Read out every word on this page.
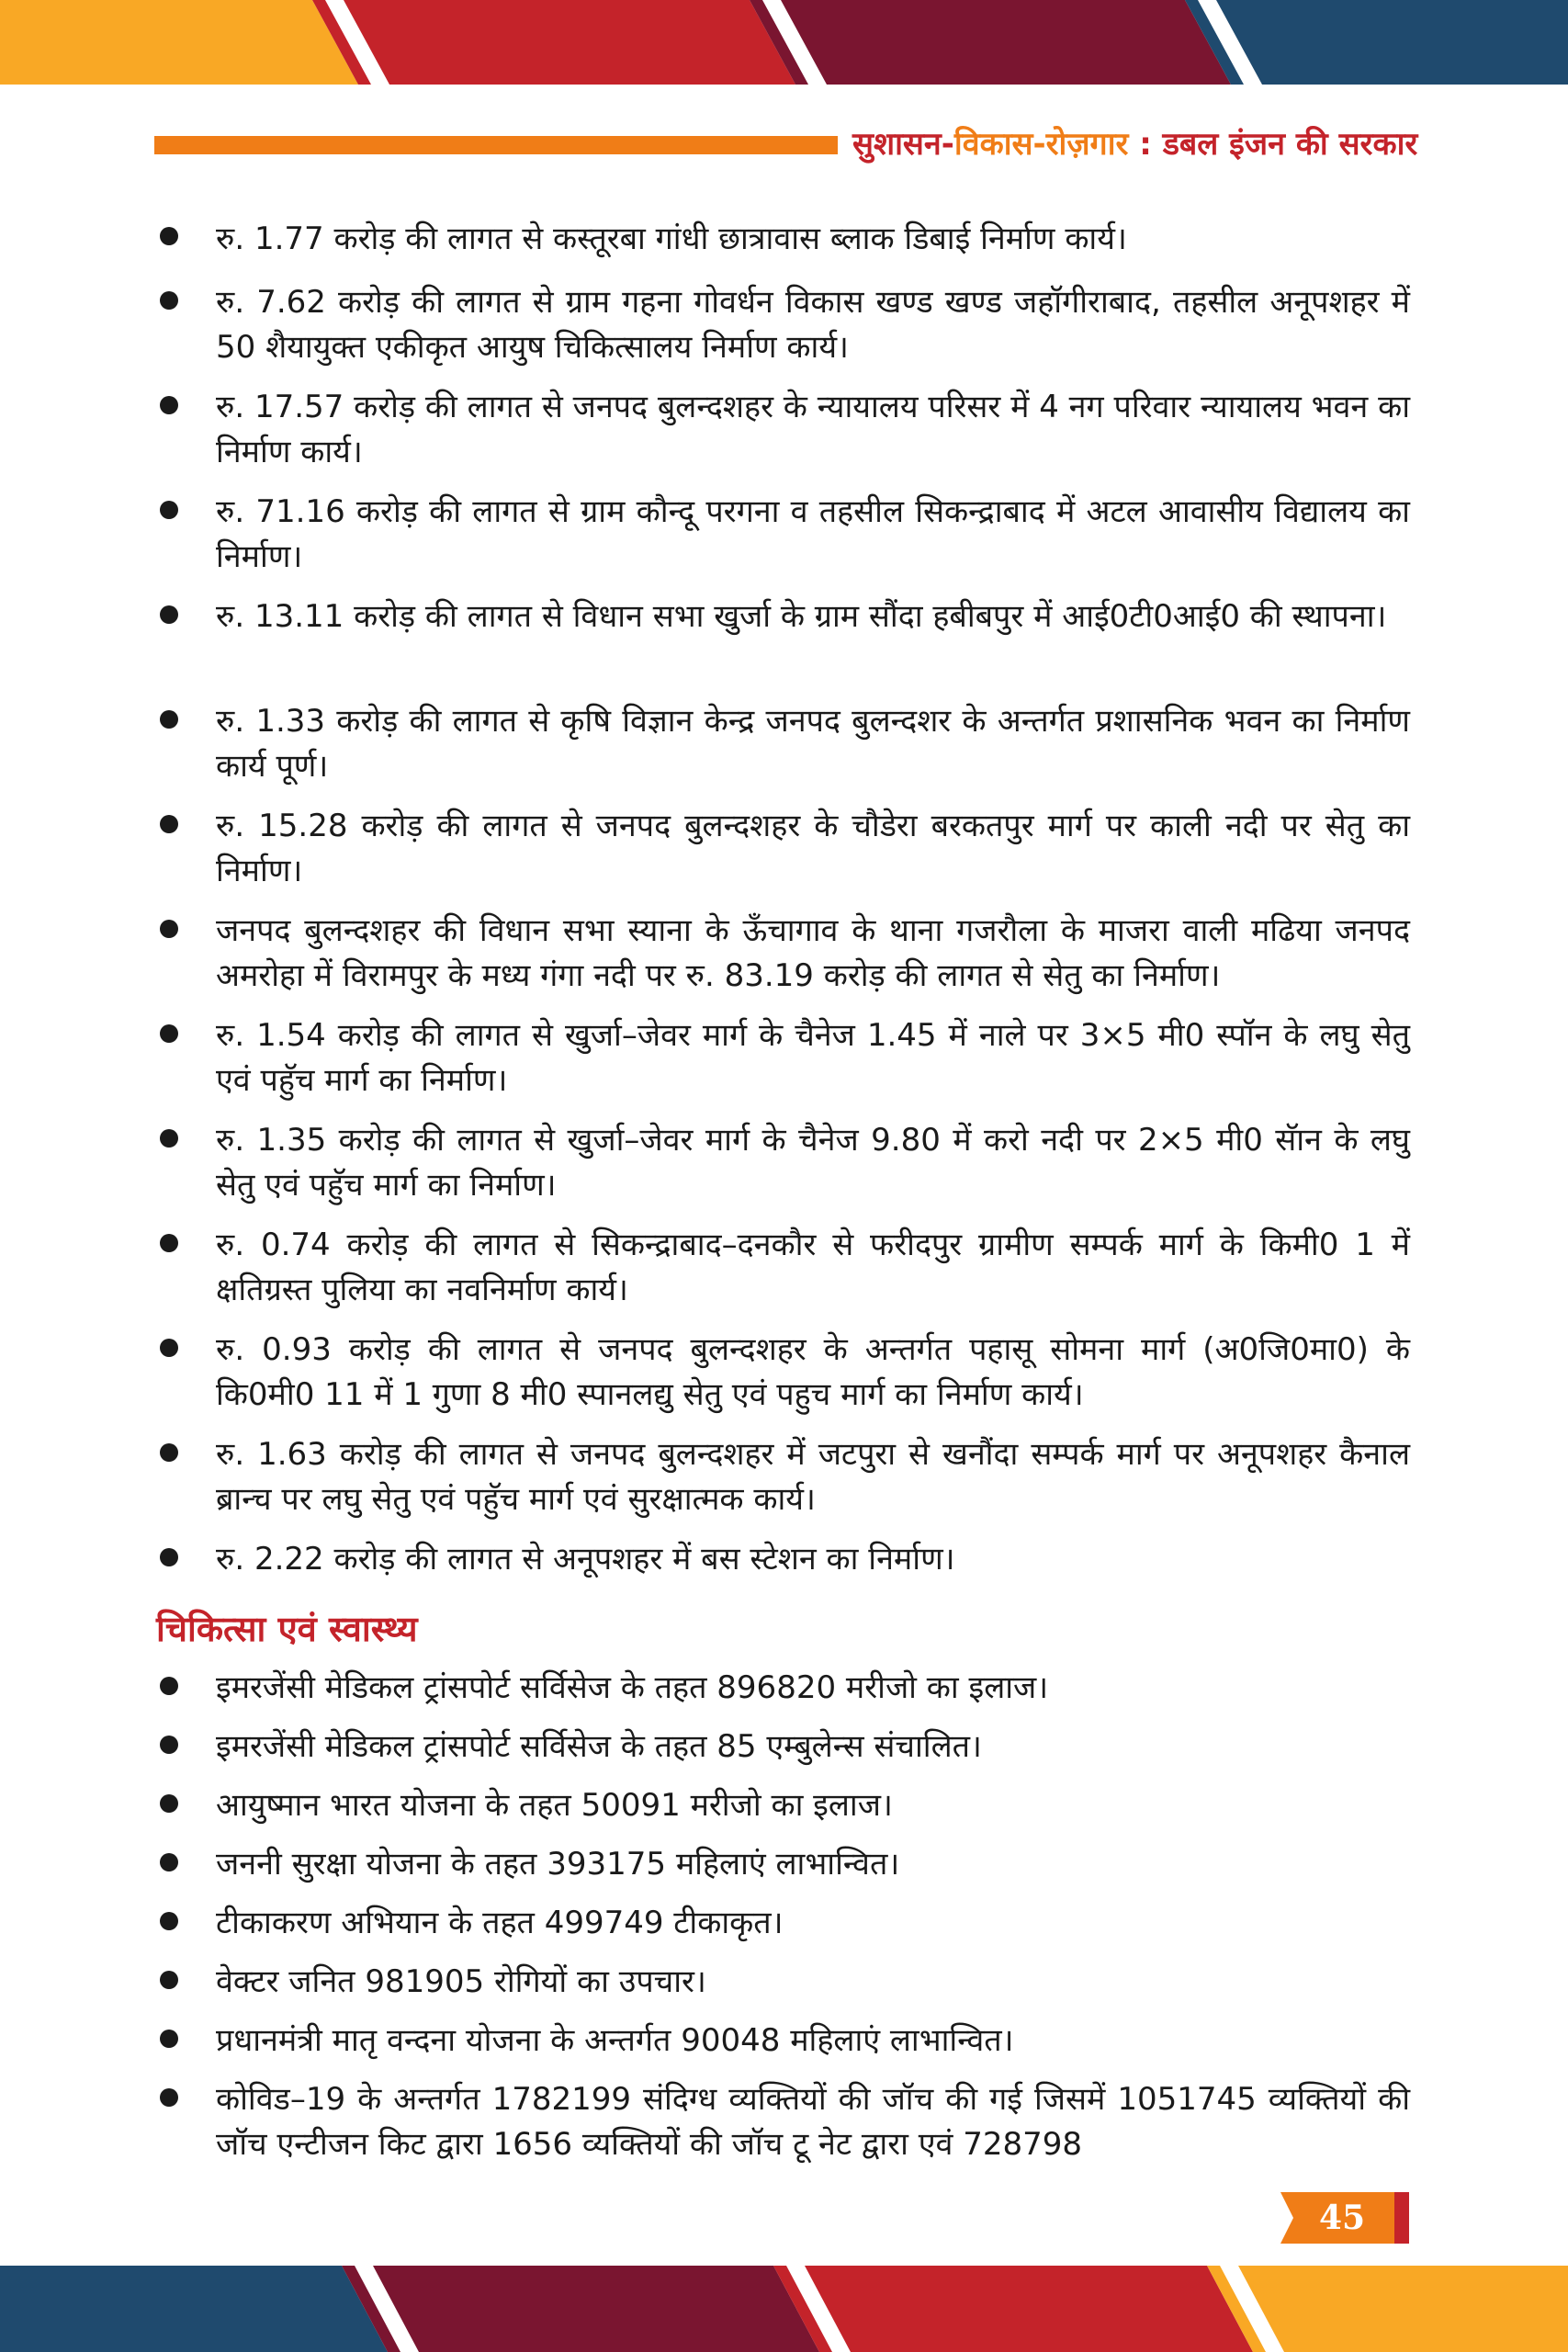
सुशासन-विकास-रोज़गार : डबल इंजन की सरकार

रु. 1.77 करोड़ की लागत से कस्तूरबा गांधी छात्रावास ब्लाक डिबाई निर्माण कार्य।

रु. 7.62 करोड़ की लागत से ग्राम गहना गोवर्धन विकास खण्ड खण्ड जहॉगीराबाद, तहसील अनूपशहर में 50 शैयायुक्त एकीकृत आयुष चिकित्सालय निर्माण कार्य।

रु. 17.57 करोड़ की लागत से जनपद बुलन्दशहर के न्यायालय परिसर में 4 नग परिवार न्यायालय भवन का निर्माण कार्य।

रु. 71.16 करोड़ की लागत से ग्राम कौन्दू परगना व तहसील सिकन्द्राबाद में अटल आवासीय विद्यालय का निर्माण।

रु. 13.11 करोड़ की लागत से विधान सभा खुर्जा के ग्राम सौंदा हबीबपुर में आई0टी0आई0 की स्थापना।

रु. 1.33 करोड़ की लागत से कृषि विज्ञान केन्द्र जनपद बुलन्दशर के अन्तर्गत प्रशासनिक भवन का निर्माण कार्य पूर्ण।

रु. 15.28 करोड़ की लागत से जनपद बुलन्दशहर के चौडेरा बरकतपुर मार्ग पर काली नदी पर सेतु का निर्माण।

जनपद बुलन्दशहर की विधान सभा स्याना के ऊँचागाव के थाना गजरौला के माजरा वाली मढिया जनपद अमरोहा में विरामपुर के मध्य गंगा नदी पर रु. 83.19 करोड़ की लागत से सेतु का निर्माण।

रु. 1.54 करोड़ की लागत से खुर्जा–जेवर मार्ग के चैनेज 1.45 में नाले पर 3×5 मी0 स्पॉन के लघु सेतु एवं पहुॅच मार्ग का निर्माण।

रु. 1.35 करोड़ की लागत से खुर्जा–जेवर मार्ग के चैनेज 9.80 में करो नदी पर 2×5 मी0 सॅान के लघु सेतु एवं पहुॅच मार्ग का निर्माण।

रु. 0.74 करोड़ की लागत से सिकन्द्राबाद–दनकौर से फरीदपुर ग्रामीण सम्पर्क मार्ग के किमी0 1 में क्षतिग्रस्त पुलिया का नवनिर्माण कार्य।

रु. 0.93 करोड़ की लागत से जनपद बुलन्दशहर के अन्तर्गत पहासू सोमना मार्ग (अ0जि0मा0) के कि0मी0 11 में 1 गुणा 8 मी0 स्पानलद्यु सेतु एवं पहुच मार्ग का निर्माण कार्य।

रु. 1.63 करोड़ की लागत से जनपद बुलन्दशहर में जटपुरा से खनौंदा सम्पर्क मार्ग पर अनूपशहर कैनाल ब्रान्च पर लघु सेतु एवं पहुॅच मार्ग एवं सुरक्षात्मक कार्य।

रु. 2.22 करोड़ की लागत से अनूपशहर में बस स्टेशन का निर्माण।

चिकित्सा एवं स्वास्थ्य

इमरजेंसी मेडिकल ट्रांसपोर्ट सर्विसेज के तहत 896820 मरीजो का इलाज।

इमरजेंसी मेडिकल ट्रांसपोर्ट सर्विसेज के तहत 85 एम्बुलेन्स संचालित।

आयुष्मान भारत योजना के तहत 50091 मरीजो का इलाज।

जननी सुरक्षा योजना के तहत 393175 महिलाएं लाभान्वित।

टीकाकरण अभियान के तहत 499749 टीकाकृत।

वेक्टर जनित 981905 रोगियों का उपचार।

प्रधानमंत्री मातृ वन्दना योजना के अन्तर्गत 90048 महिलाएं लाभान्वित।

कोविड–19 के अन्तर्गत 1782199 संदिग्ध व्यक्तियों की जॉच की गई जिसमें 1051745 व्यक्तियों की जॉच एन्टीजन किट द्वारा 1656 व्यक्तियों की जॉच टू नेट द्वारा एवं 728798

45
